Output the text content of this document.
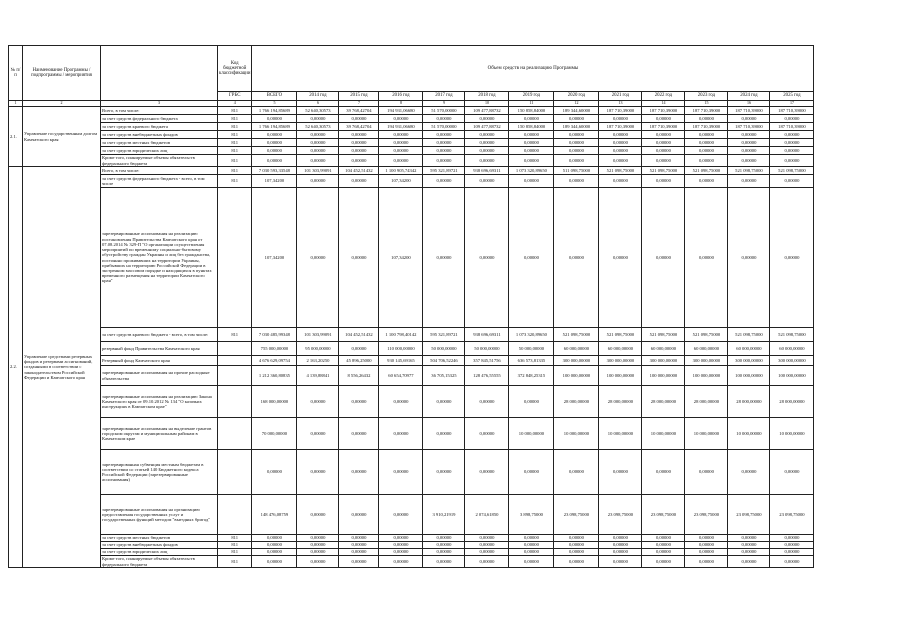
№ п/п	Наименование Программы / подпрограммы / мероприятия		Код бюджетной классификации	Объем средств на реализацию Программы												
			ГРБС	ВСЕГО	2014 год	2015 год	2016 год	2017 год	2018 год	2019 год	2020 год	2021 год	2022 год	2023 год	2024 год	2025 год
1	2	3	4	5	6	7	8	9	10	11	12	13	14	15	16	17
2.1.	Управление государственным долгом Камчатского края	Всего, в том числе:	811	1 766 194,85689	52 640,30573	39 768,42704	194 931,06680	51 570,00000	109 477,88732	150 858,84000	189 344,60000	187 710,39000	187 710,39000	187 710,39000	187 710,39000	187 710,39000
		за счет средств федерального бюджета	811	0,00000	0,00000	0,00000	0,00000	0,00000	0,00000	0,00000	0,00000	0,00000	0,00000	0,00000	0,00000	0,00000
		за счет средств краевого бюджета	811	1 766 194,85689	52 640,30573	39 768,42704	194 931,06680	51 570,00000	109 477,88732	150 858,84000	189 344,60000	187 710,39000	187 710,39000	187 710,39000	187 710,39000	187 710,39000
		за счет средств внебюджетных фондов	811	0,00000	0,00000	0,00000	0,00000	0,00000	0,00000	0,00000	0,00000	0,00000	0,00000	0,00000	0,00000	0,00000
		за счет средств местных бюджетов	811	0,00000	0,00000	0,00000	0,00000	0,00000	0,00000	0,00000	0,00000	0,00000	0,00000	0,00000	0,00000	0,00000
		за счет средств юридических лиц	811	0,00000	0,00000	0,00000	0,00000	0,00000	0,00000	0,00000	0,00000	0,00000	0,00000	0,00000	0,00000	0,00000
		Кроме того, планируемые объемы обязательств федерального бюджета	811	0,00000	0,00000	0,00000	0,00000	0,00000	0,00000	0,00000	0,00000	0,00000	0,00000	0,00000	0,00000	0,00000
2.2.	Управление средствами резервных фондов и резервами ассигнований, созданными в соответствии с законодательством Российской Федерации и Камчатского края	Всего, в том числе:	811	7 030 593,33548	101 303,99091	104 452,51432	1 100 905,74342	595 321,89721	938 696,69311	1 073 320,89650	511 098,75000	521 098,75000	521 098,75000	521 098,75000	521 098,75000	521 098,75000
		за счет средств федерального бюджета - всего, в том числе	811	107,34200	0,00000	0,00000	107,34200	0,00000	0,00000	0,00000	0,00000	0,00000	0,00000	0,00000	0,00000	0,00000
		зарезервированные ассигнования на реализацию постановления Правительства Камчатского края от 07.08.2014 № 329-П "О организации осуществления мероприятий по временному социально-бытовому обустройству граждан Украины и лиц без гражданства, постоянно проживавших на территории Украины, прибывших на территорию Российской Федерации в экстренном массовом порядке и находящихся в пунктах временного размещения на территории Камчатского края"		107,34200	0,00000	0,00000	107,34200	0,00000	0,00000	0,00000	0,00000	0,00000	0,00000	0,00000	0,00000	0,00000
		за счет средств краевого бюджета - всего, в том числе:	811	7 030 485,99348	101 303,99091	104 452,51432	1 100 798,40142	595 321,89721	938 696,69311	1 073 320,89650	521 098,75000	521 098,75000	521 098,75000	521 098,75000	521 098,75000	521 098,75000
		резервный фонд Правительства Камчатского края		755 000,00000	95 000,00000	0,00000	110 000,00000	50 000,00000	50 000,00000	50 000,00000	60 000,00000	60 000,00000	60 000,00000	60 000,00000	60 000,00000	60 000,00000
		Резервный фонд Камчатского края		4 676 629,09754	2 163,20250	45 896,25000	930 145,69165	504 706,52246	357 845,51756	636 573,81335	300 000,00000	300 000,00000	300 000,00000	300 000,00000	300 000,00000	300 000,00000
		зарезервированные ассигнования на прочие расходные обязательства		1 212 360,80835	4 139,88841	8 556,26432	60 654,70977	36 705,15325	128 476,55555	372 848,25315	100 000,00000	100 000,00000	100 000,00000	100 000,00000	100 000,00000	100 000,00000
		зарезервированные ассигнования на реализацию Закона Камчатского края от 09.10.2012 № 134 "О казачьих инструкциях в Камчатском крае"		168 000,00000	0,00000	0,00000	0,00000	0,00000	0,00000	0,00000	28 000,00000	28 000,00000	28 000,00000	28 000,00000	28 000,00000	28 000,00000
		зарезервированные ассигнования на выделение грантов городским округам и муниципальным районам в Камчатском крае		70 000,00000	0,00000	0,00000	0,00000	0,00000	0,00000	10 000,00000	10 000,00000	10 000,00000	10 000,00000	10 000,00000	10 000,00000	10 000,00000
		зарезервированная субвенция местным бюджетам в соответствии со статьей 140 Бюджетного кодекса Российской Федерации (зарезервированные ассигнования)		0,00000	0,00000	0,00000	0,00000	0,00000	0,00000	0,00000	0,00000	0,00000	0,00000	0,00000	0,00000	0,00000
		зарезервированные ассигнования на организацию предоставления государственных услуг и государственных функций методом "выездных бригад"		148 476,08759	0,00000	0,00000	0,00000	3 910,21919	2 074,61850	3 898,75000	23 098,75000	23 098,75000	23 098,75000	23 098,75000	23 098,75000	23 098,75000
		за счет средств местных бюджетов	811	0,00000	0,00000	0,00000	0,00000	0,00000	0,00000	0,00000	0,00000	0,00000	0,00000	0,00000	0,00000	0,00000
		за счет средств внебюджетных фондов	811	0,00000	0,00000	0,00000	0,00000	0,00000	0,00000	0,00000	0,00000	0,00000	0,00000	0,00000	0,00000	0,00000
		за счет средств юридических лиц	811	0,00000	0,00000	0,00000	0,00000	0,00000	0,00000	0,00000	0,00000	0,00000	0,00000	0,00000	0,00000	0,00000
		Кроме того, планируемые объемы обязательств федерального бюджета	811	0,00000	0,00000	0,00000	0,00000	0,00000	0,00000	0,00000	0,00000	0,00000	0,00000	0,00000	0,00000	0,00000
